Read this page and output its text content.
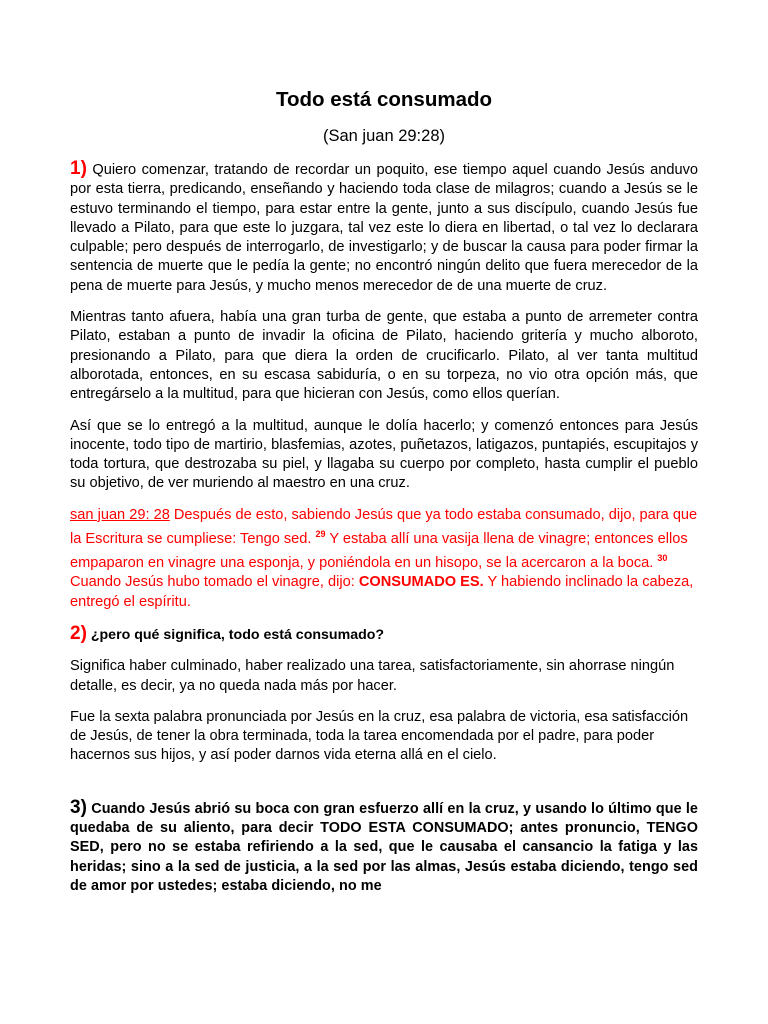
Todo está consumado
(San juan 29:28)

1) Quiero comenzar, tratando de recordar un poquito, ese tiempo aquel cuando Jesús anduvo por esta tierra, predicando, enseñando y haciendo toda clase de milagros; cuando a Jesús se le estuvo terminando el tiempo, para estar entre la gente, junto a sus discípulo, cuando Jesús fue llevado a Pilato, para que este lo juzgara, tal vez este lo diera en libertad, o tal vez lo declarara culpable; pero después de interrogarlo, de investigarlo; y de buscar la causa para poder firmar la sentencia de muerte que le pedía la gente; no encontró ningún delito que fuera merecedor de la pena de muerte para Jesús, y mucho menos merecedor de de una muerte de cruz.

Mientras tanto afuera, había una gran turba de gente, que estaba a punto de arremeter contra Pilato, estaban a punto de invadir la oficina de Pilato, haciendo gritería y mucho alboroto, presionando a Pilato, para que diera la orden de crucificarlo. Pilato, al ver tanta multitud alborotada, entonces, en su escasa sabiduría, o en su torpeza, no vio otra opción más, que entregárselo a la multitud, para que hicieran con Jesús, como ellos querían.

Así que se lo entregó a la multitud, aunque le dolía hacerlo; y comenzó entonces para Jesús inocente, todo tipo de martirio, blasfemias, azotes, puñetazos, latigazos, puntapiés, escupitajos y toda tortura, que destrozaba su piel, y llagaba su cuerpo por completo, hasta cumplir el pueblo su objetivo, de ver muriendo al maestro en una cruz.

san juan 29: 28 Después de esto, sabiendo Jesús que ya todo estaba consumado, dijo, para que la Escritura se cumpliese: Tengo sed. $^{29}$ Y estaba allí una vasija llena de vinagre; entonces ellos empaparon en vinagre una esponja, y poniéndola en un hisopo, se la acercaron a la boca. $^{30}$ Cuando Jesús hubo tomado el vinagre, dijo: CONSUMADO ES. Y habiendo inclinado la cabeza, entregó el espíritu.

2) ¿pero qué significa, todo está consumado?

Significa haber culminado, haber realizado una tarea, satisfactoriamente, sin ahorrase ningún detalle, es decir, ya no queda nada más por hacer.

Fue la sexta palabra pronunciada por Jesús en la cruz, esa palabra de victoria, esa satisfacción de Jesús, de tener la obra terminada, toda la tarea encomendada por el padre, para poder hacernos sus hijos, y así poder darnos vida eterna allá en el cielo.

3) Cuando Jesús abrió su boca con gran esfuerzo allí en la cruz, y usando lo último que le quedaba de su aliento, para decir TODO ESTA CONSUMADO; antes pronuncio, TENGO SED, pero no se estaba refiriendo a la sed, que le causaba el cansancio la fatiga y las heridas; sino a la sed de justicia, a la sed por las almas, Jesús estaba diciendo, tengo sed de amor por ustedes; estaba diciendo, no me
